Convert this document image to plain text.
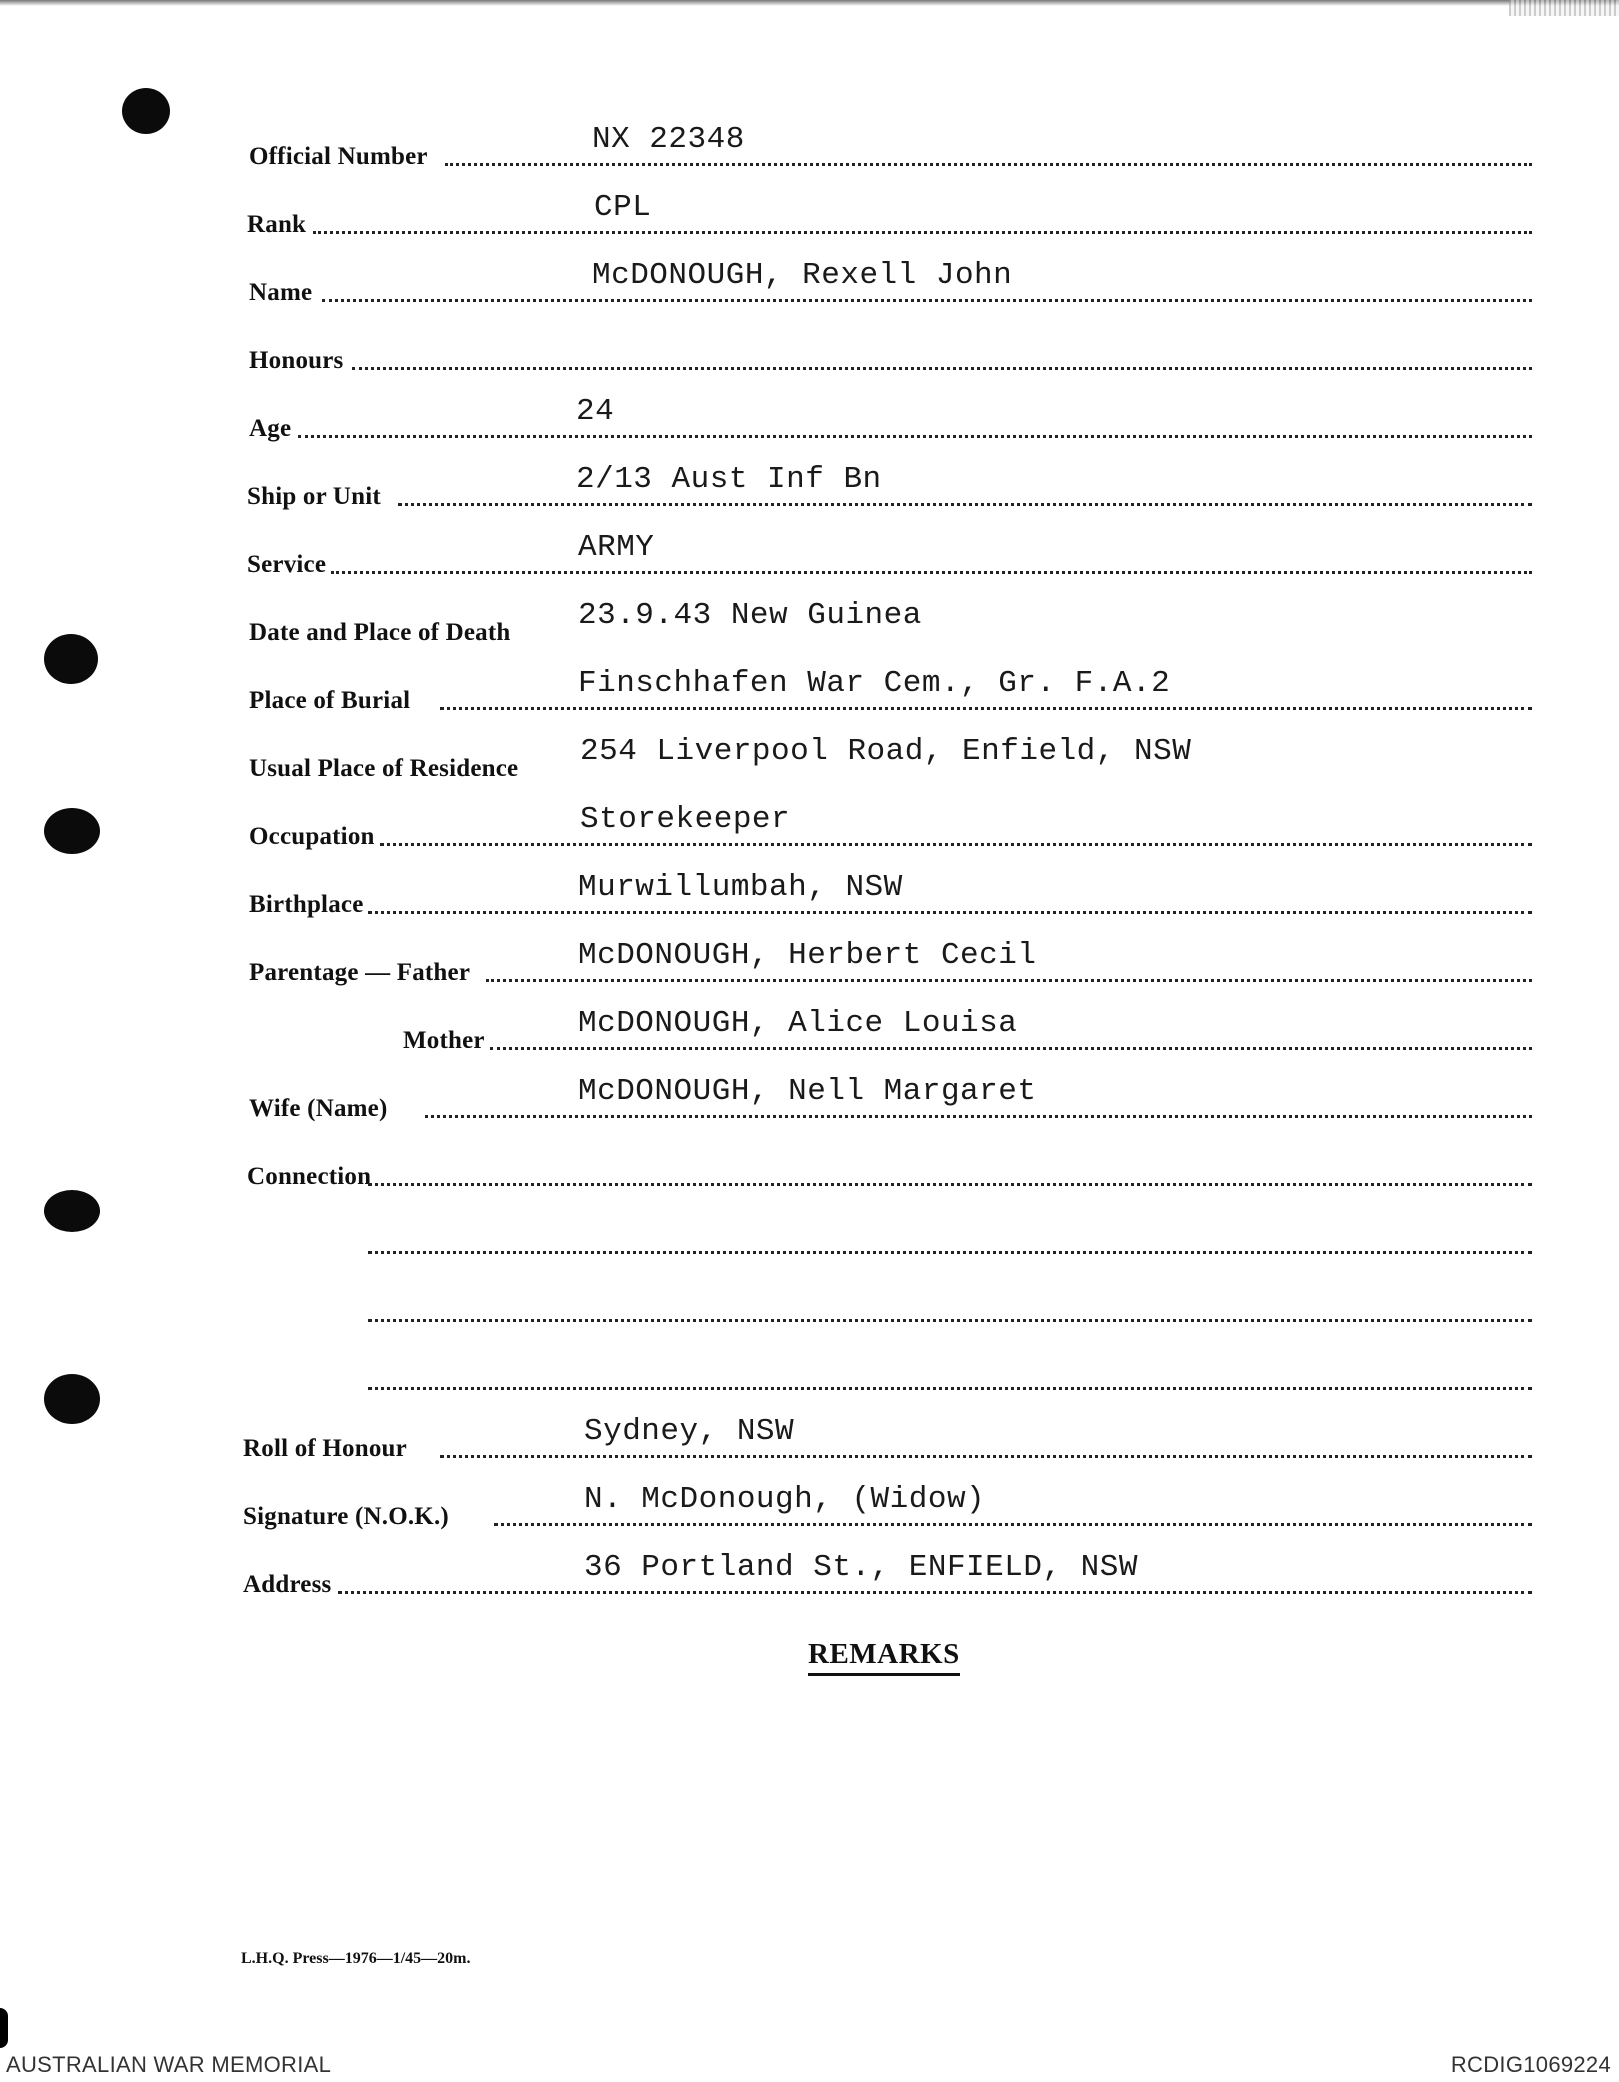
Official Number	NX 22348
Rank	CPL
Name	McDONOUGH, Rexell John
Honours
Age	24
Ship or Unit	2/13 Aust Inf Bn
Service	ARMY
Date and Place of Death 23.9.43 New Guinea
Place of Burial	Finschhafen War Cem., Gr. F.A.2
Usual Place of Residence 254 Liverpool Road, Enfield, NSW
Occupation	Storekeeper
Birthplace	Murwillumbah, NSW
Parentage — Father	McDONOUGH, Herbert Cecil
Mother	McDONOUGH, Alice Louisa
Wife (Name)	McDONOUGH, Nell Margaret
Connection
Roll of Honour	Sydney, NSW
Signature (N.O.K.)	N. McDonough, (Widow)
Address	36 Portland St., ENFIELD, NSW
REMARKS
L.H.Q. Press—1976—1/45—20m.
AUSTRALIAN WAR MEMORIAL	RCDIG1069224
